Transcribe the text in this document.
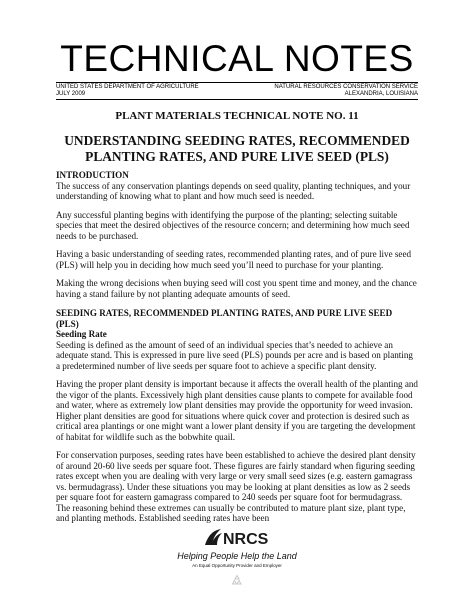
TECHNICAL NOTES
UNITED STATES DEPARTMENT OF AGRICULTURE	NATURAL RESOURCES CONSERVATION SERVICE
JULY 2009	ALEXANDRIA, LOUISIANA
PLANT MATERIALS TECHNICAL NOTE NO. 11
UNDERSTANDING SEEDING RATES, RECOMMENDED
PLANTING RATES, AND PURE LIVE SEED (PLS)
INTRODUCTION

The success of any conservation plantings depends on seed quality, planting techniques, and your understanding of knowing what to plant and how much seed is needed.

Any successful planting begins with identifying the purpose of the planting; selecting suitable species that meet the desired objectives of the resource concern; and determining how much seed needs to be purchased.

Having a basic understanding of seeding rates, recommended planting rates, and of pure live seed (PLS) will help you in deciding how much seed you’ll need to purchase for your planting.

Making the wrong decisions when buying seed will cost you spent time and money, and the chance having a stand failure by not planting adequate amounts of seed.

SEEDING RATES, RECOMMENDED PLANTING RATES, AND PURE LIVE SEED
(PLS)
Seeding Rate

Seeding is defined as the amount of seed of an individual species that’s needed to achieve an adequate stand. This is expressed in pure live seed (PLS) pounds per acre and is based on planting a predetermined number of live seeds per square foot to achieve a specific plant density.

Having the proper plant density is important because it affects the overall health of the planting and the vigor of the plants. Excessively high plant densities cause plants to compete for available food and water, where as extremely low plant densities may provide the opportunity for weed invasion. Higher plant densities are good for situations where quick cover and protection is desired such as critical area plantings or one might want a lower plant density if you are targeting the development of habitat for wildlife such as the bobwhite quail.

For conservation purposes, seeding rates have been established to achieve the desired plant density of around 20-60 live seeds per square foot. These figures are fairly standard when figuring seeding rates except when you are dealing with very large or very small seed sizes (e.g. eastern gamagrass vs. bermudagrass). Under these situations you may be looking at plant densities as low as 2 seeds per square foot for eastern gamagrass compared to 240 seeds per square foot for bermudagrass. The reasoning behind these extremes can usually be contributed to mature plant size, plant type, and planting methods. Established seeding rates have been

NRCS
Helping People Help the Land
An Equal Opportunity Provider and Employer
